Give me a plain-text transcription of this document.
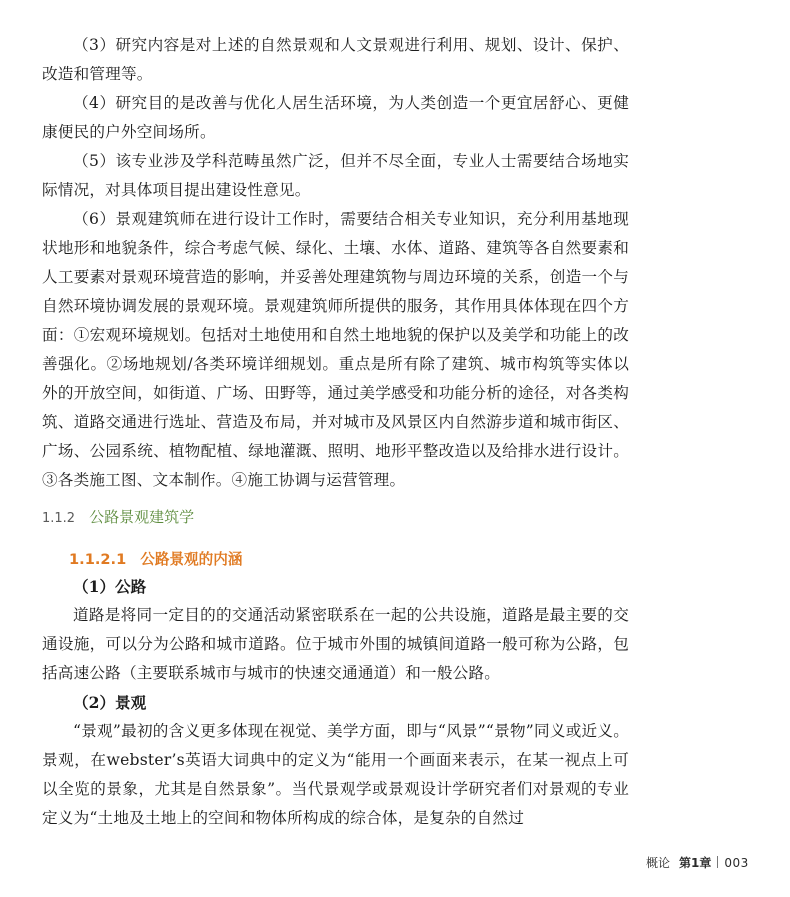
（3）研究内容是对上述的自然景观和人文景观进行利用、规划、设计、保护、改造和管理等。

（4）研究目的是改善与优化人居生活环境，为人类创造一个更宜居舒心、更健康便民的户外空间场所。

（5）该专业涉及学科范畴虽然广泛，但并不尽全面，专业人士需要结合场地实际情况，对具体项目提出建设性意见。

（6）景观建筑师在进行设计工作时，需要结合相关专业知识，充分利用基地现状地形和地貌条件，综合考虑气候、绿化、土壤、水体、道路、建筑等各自然要素和人工要素对景观环境营造的影响，并妥善处理建筑物与周边环境的关系，创造一个与自然环境协调发展的景观环境。景观建筑师所提供的服务，其作用具体体现在四个方面：①宏观环境规划。包括对土地使用和自然土地地貌的保护以及美学和功能上的改善强化。②场地规划/各类环境详细规划。重点是所有除了建筑、城市构筑等实体以外的开放空间，如街道、广场、田野等，通过美学感受和功能分析的途径，对各类构筑、道路交通进行选址、营造及布局，并对城市及风景区内自然游步道和城市街区、广场、公园系统、植物配植、绿地灌溉、照明、地形平整改造以及给排水进行设计。③各类施工图、文本制作。④施工协调与运营管理。

1.1.2 公路景观建筑学
1.1.2.1 公路景观的内涵

（1）公路

道路是将同一定目的的交通活动紧密联系在一起的公共设施，道路是最主要的交通设施，可以分为公路和城市道路。位于城市外围的城镇间道路一般可称为公路，包括高速公路（主要联系城市与城市的快速交通通道）和一般公路。

（2）景观

“景观”最初的含义更多体现在视觉、美学方面，即与“风景”“景物”同义或近义。景观，在webster’s英语大词典中的定义为“能用一个画面来表示，在某一视点上可以全览的景象，尤其是自然景象”。当代景观学或景观设计学研究者们对景观的专业定义为“土地及土地上的空间和物体所构成的综合体，是复杂的自然过

概论 第1章 003
